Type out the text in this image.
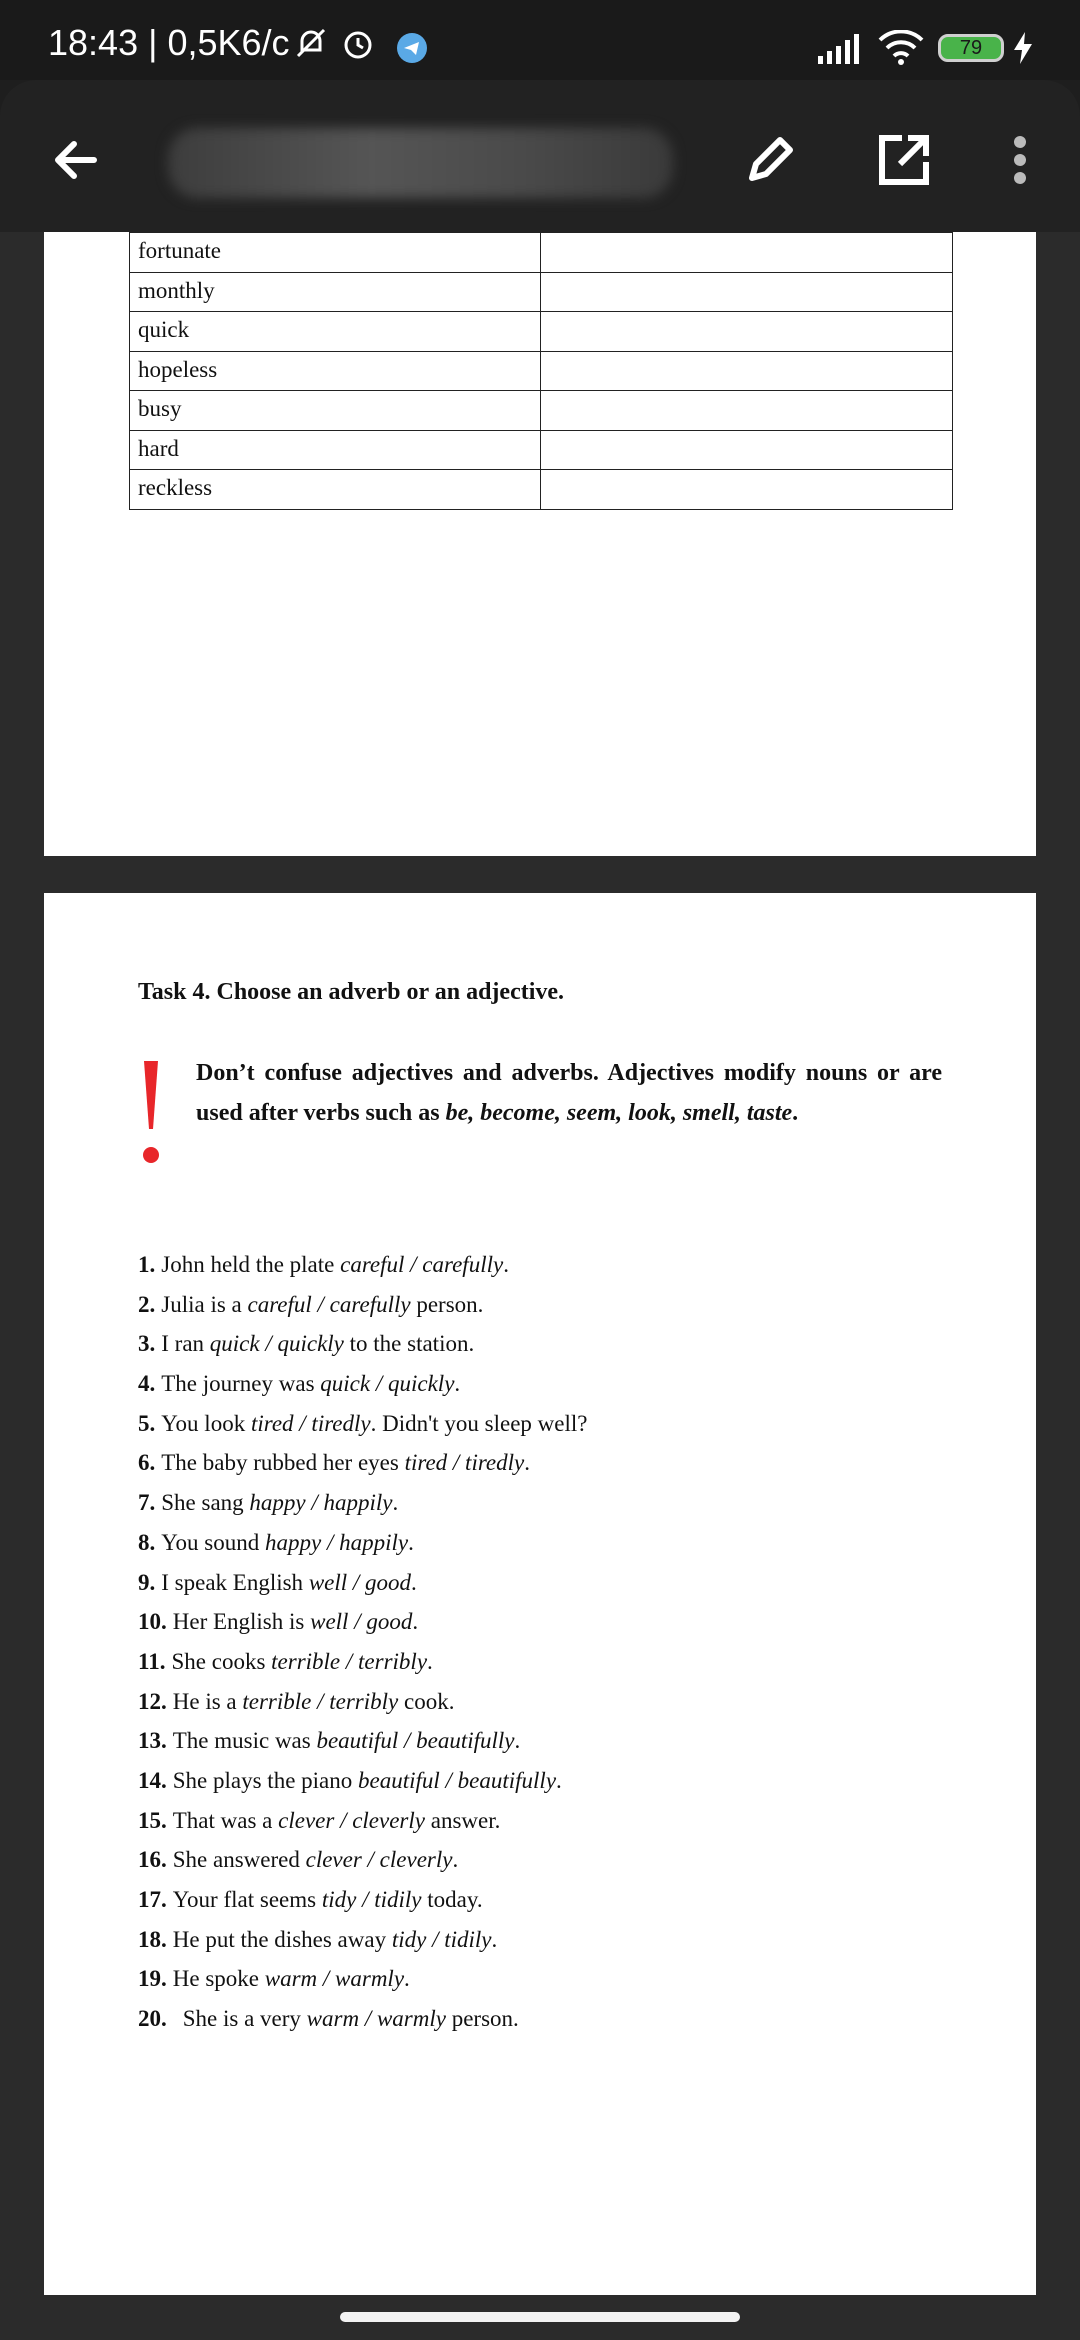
18:43 | 0,5K6/c	79
fortunate	
monthly	
quick	
hopeless	
busy	
hard	
reckless	
Task 4. Choose an adverb or an adjective.
Don’t confuse adjectives and adverbs. Adjectives modify nouns or are used after verbs such as be, become, seem, look, smell, taste.
1. John held the plate careful / carefully.
2. Julia is a careful / carefully person.
3. I ran quick / quickly to the station.
4. The journey was quick / quickly.
5. You look tired / tiredly. Didn't you sleep well?
6. The baby rubbed her eyes tired / tiredly.
7. She sang happy / happily.
8. You sound happy / happily.
9. I speak English well / good.
10. Her English is well / good.
11. She cooks terrible / terribly.
12. He is a terrible / terribly cook.
13. The music was beautiful / beautifully.
14. She plays the piano beautiful / beautifully.
15. That was a clever / cleverly answer.
16. She answered clever / cleverly.
17. Your flat seems tidy / tidily today.
18. He put the dishes away tidy / tidily.
19. He spoke warm / warmly.
20. She is a very warm / warmly person.
